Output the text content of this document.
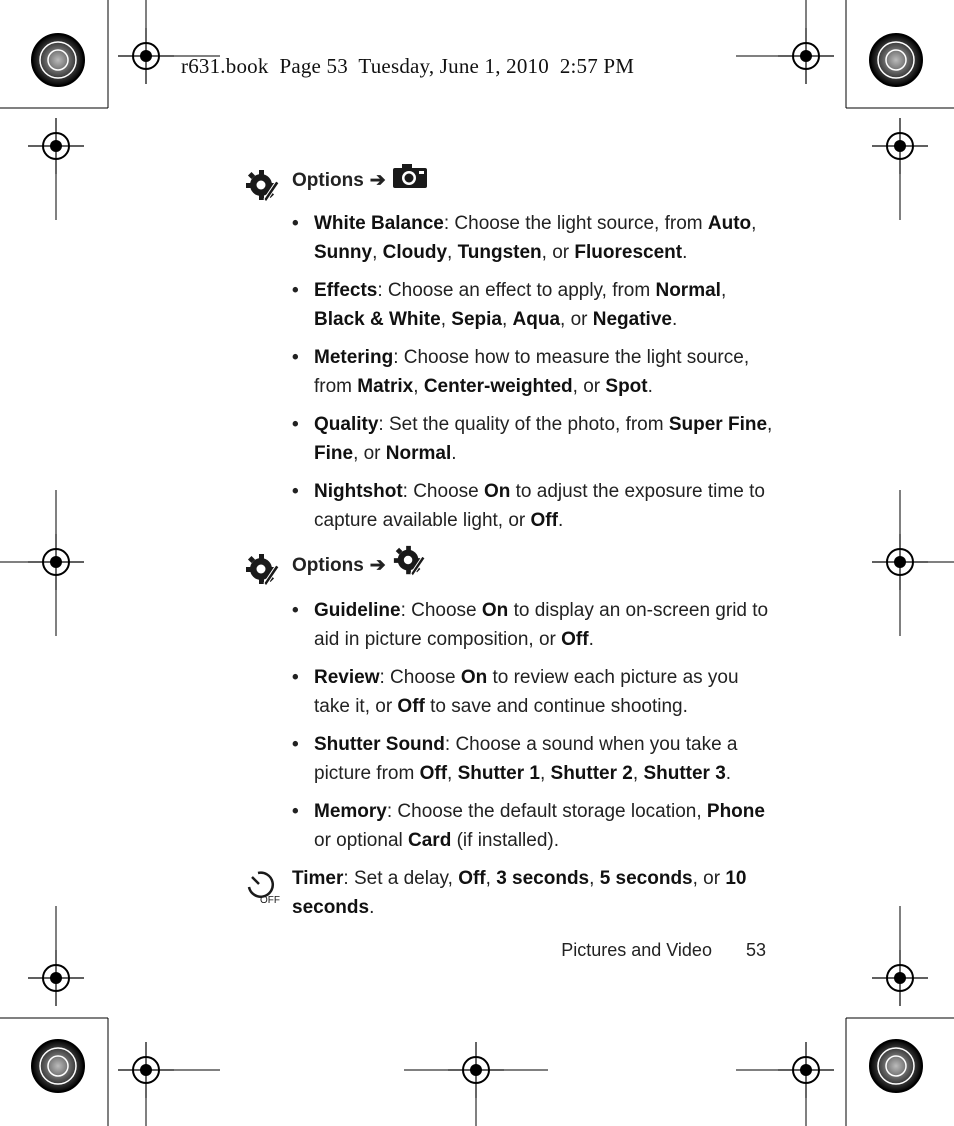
r631.book  Page 53  Tuesday, June 1, 2010  2:57 PM
Options ➔
• White Balance: Choose the light source, from Auto, Sunny, Cloudy, Tungsten, or Fluorescent.
• Effects: Choose an effect to apply, from Normal, Black & White, Sepia, Aqua, or Negative.
• Metering: Choose how to measure the light source, from Matrix, Center-weighted, or Spot.
• Quality: Set the quality of the photo, from Super Fine, Fine, or Normal.
• Nightshot: Choose On to adjust the exposure time to capture available light, or Off.
Options ➔
• Guideline: Choose On to display an on-screen grid to aid in picture composition, or Off.
• Review: Choose On to review each picture as you take it, or Off to save and continue shooting.
• Shutter Sound: Choose a sound when you take a picture from Off, Shutter 1, Shutter 2, Shutter 3.
• Memory: Choose the default storage location, Phone or optional Card (if installed).
OFF
Timer: Set a delay, Off, 3 seconds, 5 seconds, or 10 seconds.
Pictures and Video 53
